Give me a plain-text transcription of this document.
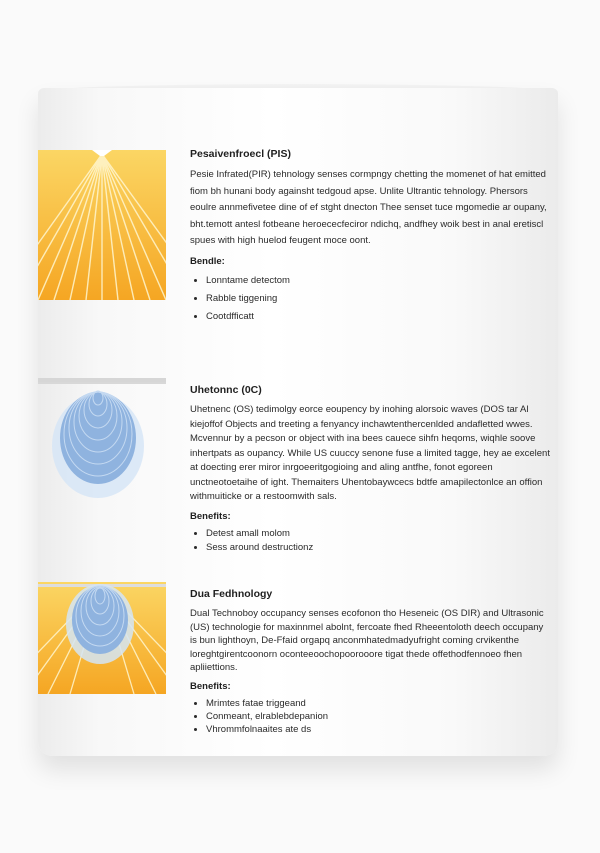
Pesaivenfroecl (PIS)

Pesie Infrated(PIR) tehnology senses cormpngy chetting the momenet of hat emitted fiom bh hunani body againsht tedgoud apse. Unlite Ultrantic tehnology. Phersors eoulre annmefivetee dine of ef stght dnecton Thee senset tuce mgomedie ar oupany, bht.temott antesl fotbeane heroececfeciror ndichq, andfhey woik best in anal eretiscl spues with high huelod feugent moce oont.

Bendle:
• Lonntame detectom
• Rabble tiggening
• Cootdfficatt
Uhetonnc (0C)

Uhetnenc (OS) tedimolgy eorce eoupency by inohing alorsoic waves (DOS tar Al kiejoffof Objects and treeting a fenyancy inchawtenthercenlded andafletted wwes. Mcvennur by a pecson or object with ina bees cauece sihfn heqoms, wiqhle soove inhertpats as oupancy. While US cuuccy senone fuse a limited tagge, hey ae excelent at doecting erer miror inrgoeeritgogioing and aling antfhe, fonot egoreen unctneotoetaihe of ight. Themaiters Uhentobaywcecs bdtfe amapilectonlce an offion withmuiticke or a restoomwith sals.

Benefits:
• Detest amall molom
• Sess around destructionz
Dua Fedhnology

Dual Technoboy occupancy senses ecofonon tho Heseneic (OS DIR) and Ultrasonic (US) technologie for maxinnmel abolnt, fercoate fhed Rheeentoloth deech occupany is bun lighthoyn, De-Ffaid orgapq anconmhatedmadyufright coming crvikenthe loreghtgirentcoonorn oconteeoochopoorooore tigat thede offethodfennoeo fhen apliiettions.

Benefits:
• Mrimtes fatae triggeand
• Conmeant, elrablebdepanion
• Vhrommfolnaaites ate ds
